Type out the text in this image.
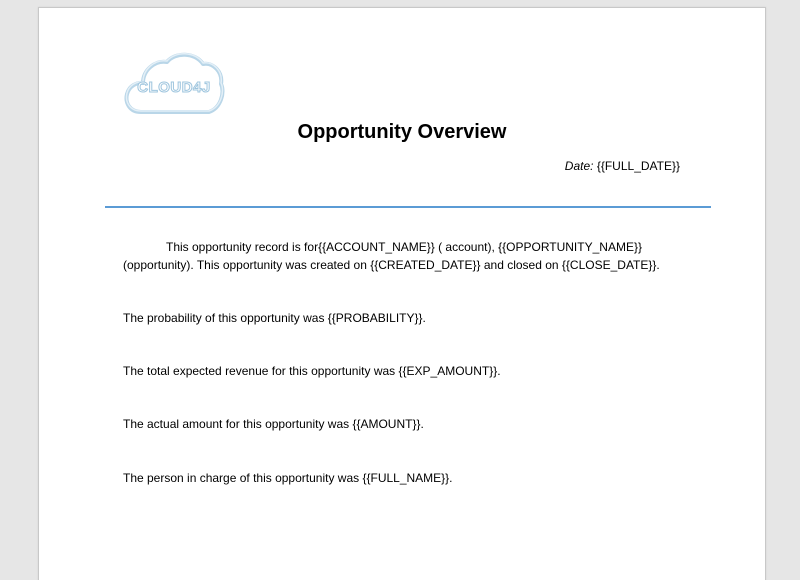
CLOUD4J
Opportunity Overview
Date: {{FULL_DATE}}
This opportunity record is for{{ACCOUNT_NAME}} ( account), {{OPPORTUNITY_NAME}}
(opportunity). This opportunity was created on {{CREATED_DATE}} and closed on {{CLOSE_DATE}}.
The probability of this opportunity was {{PROBABILITY}}.
The total expected revenue for this opportunity was {{EXP_AMOUNT}}.
The actual amount for this opportunity was {{AMOUNT}}.
The person in charge of this opportunity was {{FULL_NAME}}.
